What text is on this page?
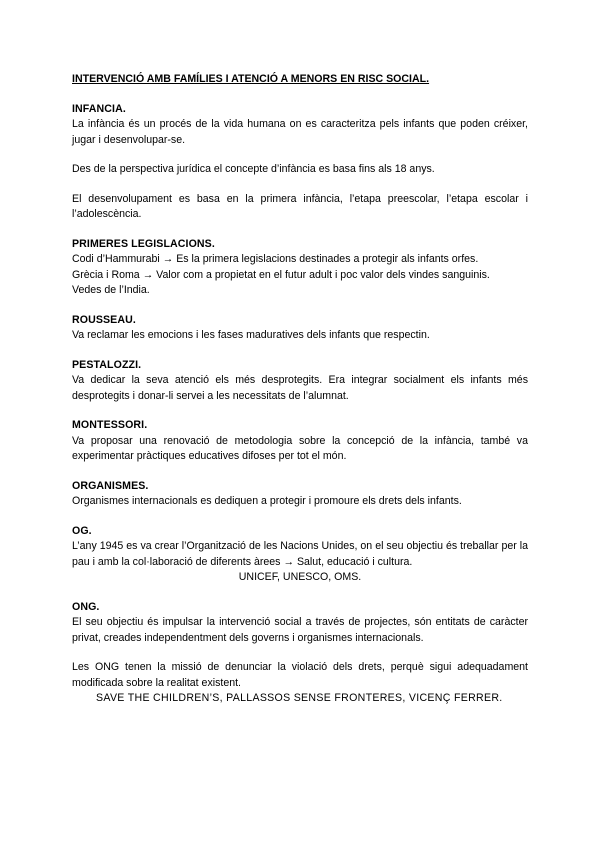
INTERVENCIÓ AMB FAMÍLIES I ATENCIÓ A MENORS EN RISC SOCIAL.

INFANCIA.

La infància és un procés de la vida humana on es caracteritza pels infants que poden créixer, jugar i desenvolupar-se.

Des de la perspectiva jurídica el concepte d’infància es basa fins als 18 anys.

El desenvolupament es basa en la primera infància, l’etapa preescolar, l’etapa escolar i l’adolescència.

PRIMERES LEGISLACIONS.

Codi d’Hammurabi → Es la primera legislacions destinades a protegir als infants orfes.

Grècia i Roma → Valor com a propietat en el futur adult i poc valor dels vindes sanguinis.

Vedes de l’India.

ROUSSEAU.

Va reclamar les emocions i les fases maduratives dels infants que respectin.

PESTALOZZI.

Va dedicar la seva atenció els més desprotegits. Era integrar socialment els infants més desprotegits i donar-li servei a les necessitats de l’alumnat.

MONTESSORI.

Va proposar una renovació de metodologia sobre la concepció de la infància, també va experimentar pràctiques educatives difoses per tot el món.

ORGANISMES.

Organismes internacionals es dediquen a protegir i promoure els drets dels infants.

OG.

L’any 1945 es va crear l’Organització de les Nacions Unides, on el seu objectiu és treballar per la pau i amb la col·laboració de diferents àrees → Salut, educació i cultura.

UNICEF, UNESCO, OMS.

ONG.

El seu objectiu és impulsar la intervenció social a través de projectes, són entitats de caràcter privat, creades independentment dels governs i organismes internacionals.

Les ONG tenen la missió de denunciar la violació dels drets, perquè sigui adequadament modificada sobre la realitat existent.

SAVE THE CHILDREN’S, PALLASSOS SENSE FRONTERES, VICENÇ FERRER.
